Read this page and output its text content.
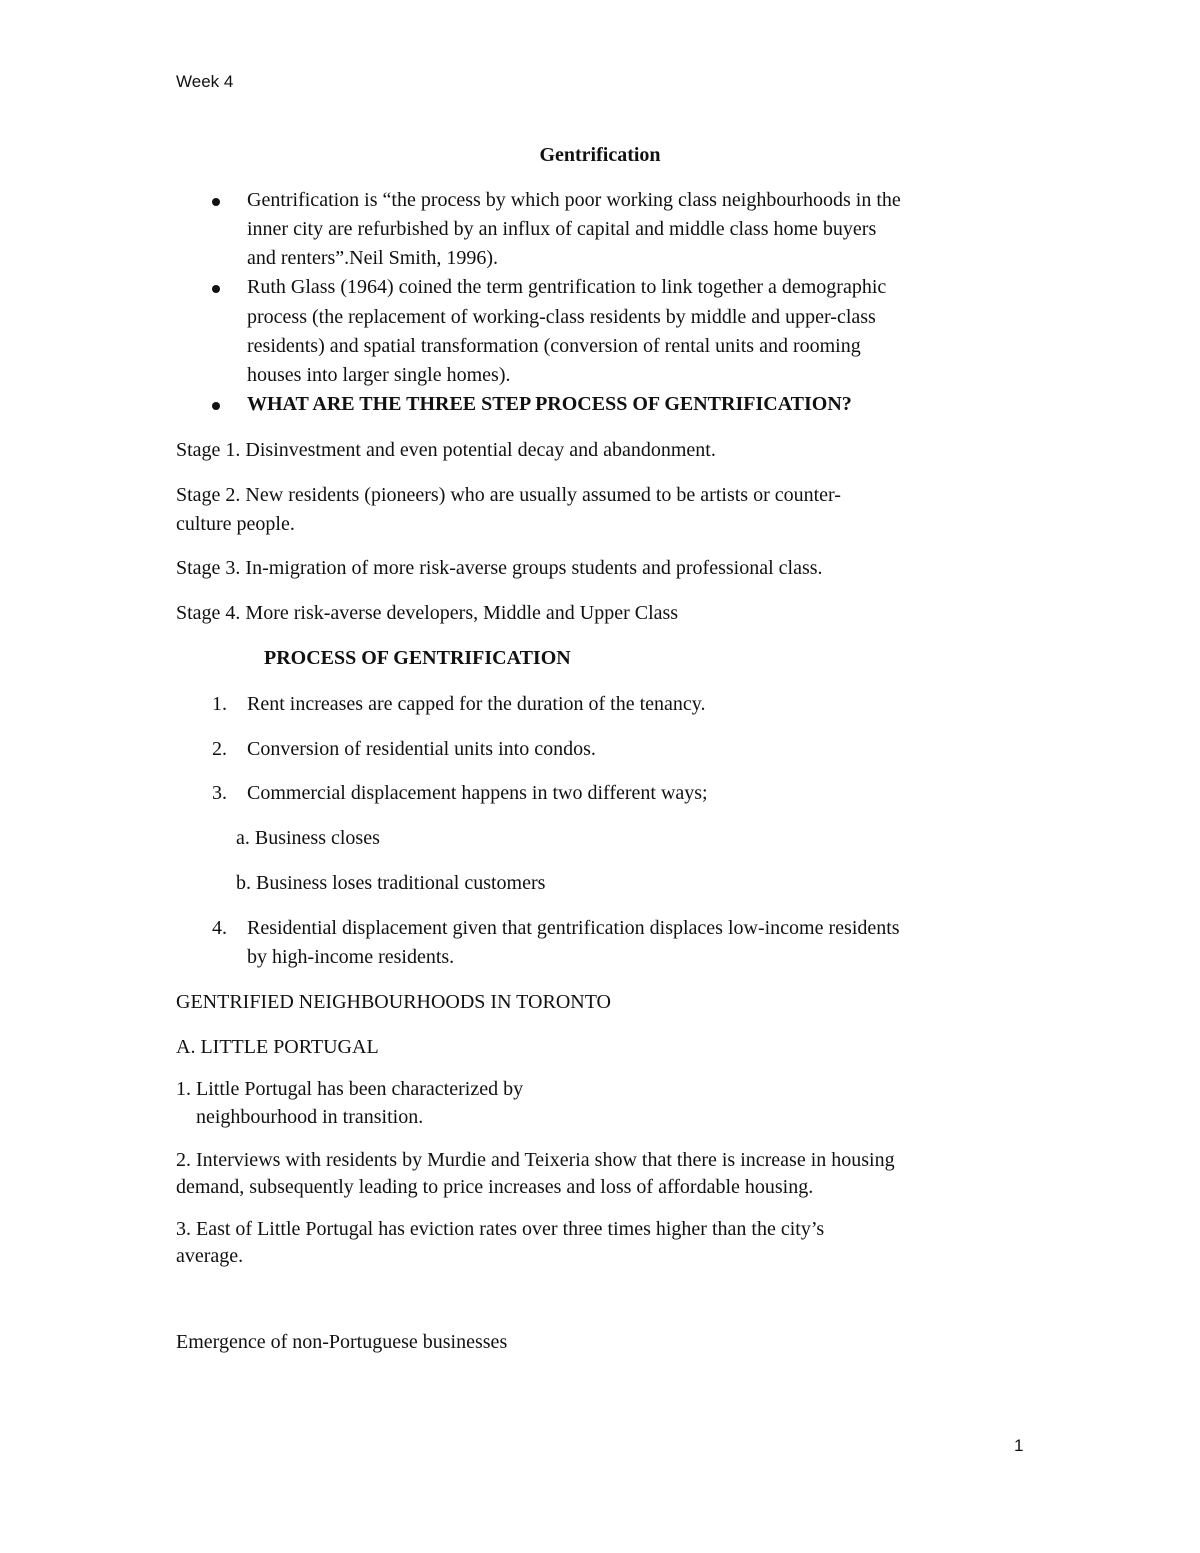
Week 4
Gentrification
Gentrification is “the process by which poor working class neighbourhoods in the
inner city are refurbished by an influx of capital and middle class home buyers
and renters”.Neil Smith, 1996).
Ruth Glass (1964) coined the term gentrification to link together a demographic
process (the replacement of working-class residents by middle and upper-class
residents) and spatial transformation (conversion of rental units and rooming
houses into larger single homes).
WHAT ARE THE THREE STEP PROCESS OF GENTRIFICATION?
Stage 1. Disinvestment and even potential decay and abandonment.
Stage 2. New residents (pioneers) who are usually assumed to be artists or counter-
culture people.
Stage 3. In-migration of more risk-averse groups students and professional class.
Stage 4. More risk-averse developers, Middle and Upper Class
PROCESS OF GENTRIFICATION
1. Rent increases are capped for the duration of the tenancy.
2. Conversion of residential units into condos.
3. Commercial displacement happens in two different ways;
a. Business closes
b. Business loses traditional customers
4. Residential displacement given that gentrification displaces low-income residents
by high-income residents.
GENTRIFIED NEIGHBOURHOODS IN TORONTO
A. LITTLE PORTUGAL
1. Little Portugal has been characterized by
neighbourhood in transition.
2. Interviews with residents by Murdie and Teixeria show that there is increase in housing
demand, subsequently leading to price increases and loss of affordable housing.
3. East of Little Portugal has eviction rates over three times higher than the city’s
average.
Emergence of non-Portuguese businesses
1
